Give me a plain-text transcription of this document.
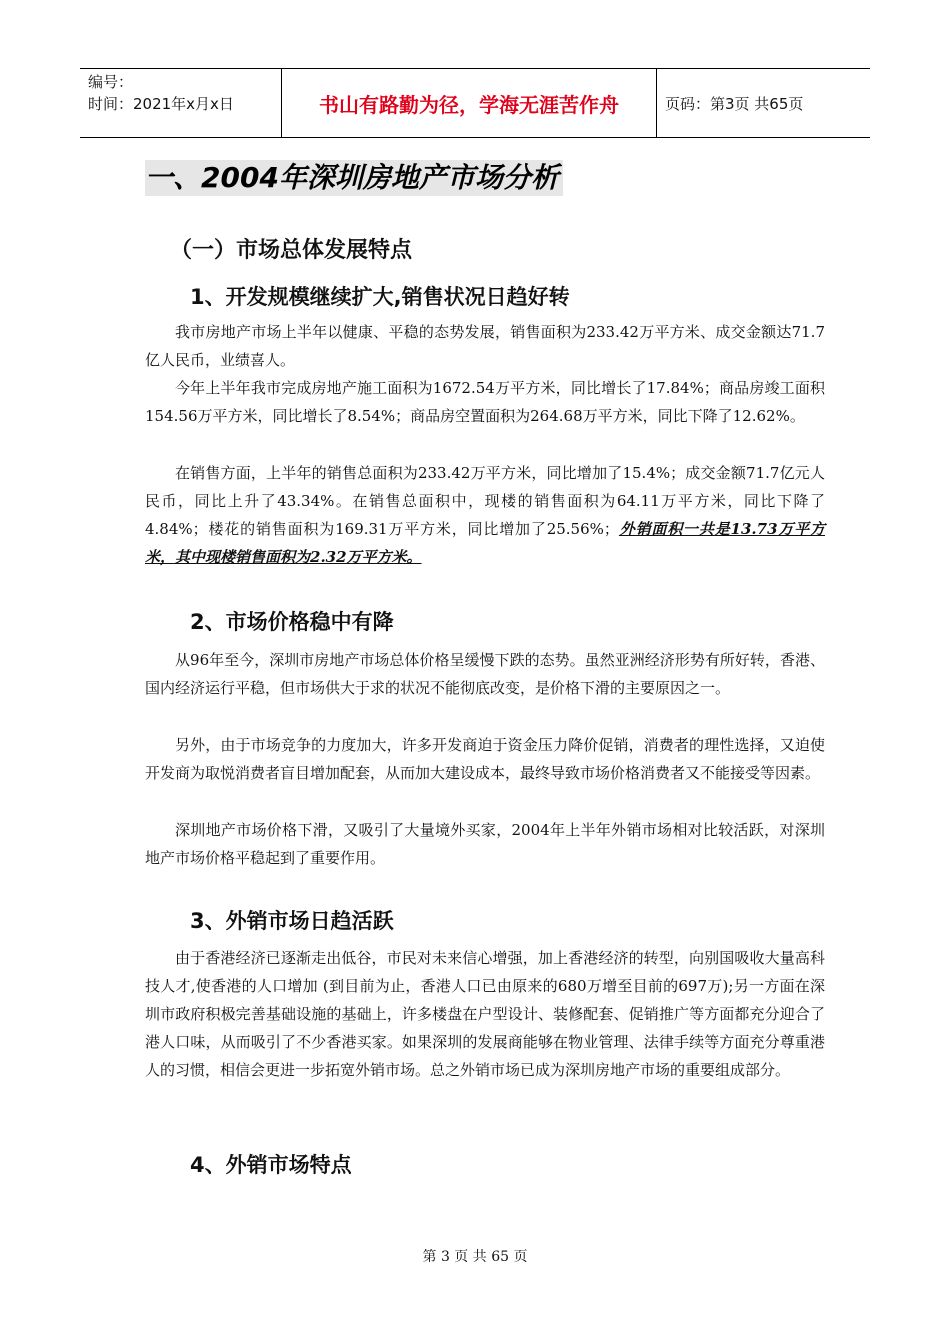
编号：
时间：2021年x月x日	书山有路勤为径，学海无涯苦作舟	页码：第3页 共65页
一、2004年深圳房地产市场分析
（一）市场总体发展特点
1、开发规模继续扩大,销售状况日趋好转

我市房地产市场上半年以健康、平稳的态势发展，销售面积为233.42万平方米、成交金额达71.7亿人民币，业绩喜人。

今年上半年我市完成房地产施工面积为1672.54万平方米，同比增长了17.84%；商品房竣工面积154.56万平方米，同比增长了8.54%；商品房空置面积为264.68万平方米，同比下降了12.62%。

在销售方面，上半年的销售总面积为233.42万平方米，同比增加了15.4%；成交金额71.7亿元人民币，同比上升了43.34%。在销售总面积中，现楼的销售面积为64.11万平方米，同比下降了4.84%；楼花的销售面积为169.31万平方米，同比增加了25.56%；外销面积一共是13.73万平方米，其中现楼销售面积为2.32万平方米。

2、市场价格稳中有降

从96年至今，深圳市房地产市场总体价格呈缓慢下跌的态势。虽然亚洲经济形势有所好转，香港、国内经济运行平稳，但市场供大于求的状况不能彻底改变，是价格下滑的主要原因之一。

另外，由于市场竞争的力度加大，许多开发商迫于资金压力降价促销，消费者的理性选择，又迫使开发商为取悦消费者盲目增加配套，从而加大建设成本，最终导致市场价格消费者又不能接受等因素。

深圳地产市场价格下滑，又吸引了大量境外买家，2004年上半年外销市场相对比较活跃，对深圳地产市场价格平稳起到了重要作用。

3、外销市场日趋活跃

由于香港经济已逐渐走出低谷，市民对未来信心增强，加上香港经济的转型，向别国吸收大量高科技人才,使香港的人口增加 (到目前为止，香港人口已由原来的680万增至目前的697万);另一方面在深圳市政府积极完善基础设施的基础上，许多楼盘在户型设计、装修配套、促销推广等方面都充分迎合了港人口味，从而吸引了不少香港买家。如果深圳的发展商能够在物业管理、法律手续等方面充分尊重港人的习惯，相信会更进一步拓宽外销市场。总之外销市场已成为深圳房地产市场的重要组成部分。

4、外销市场特点
第 3 页 共 65 页
